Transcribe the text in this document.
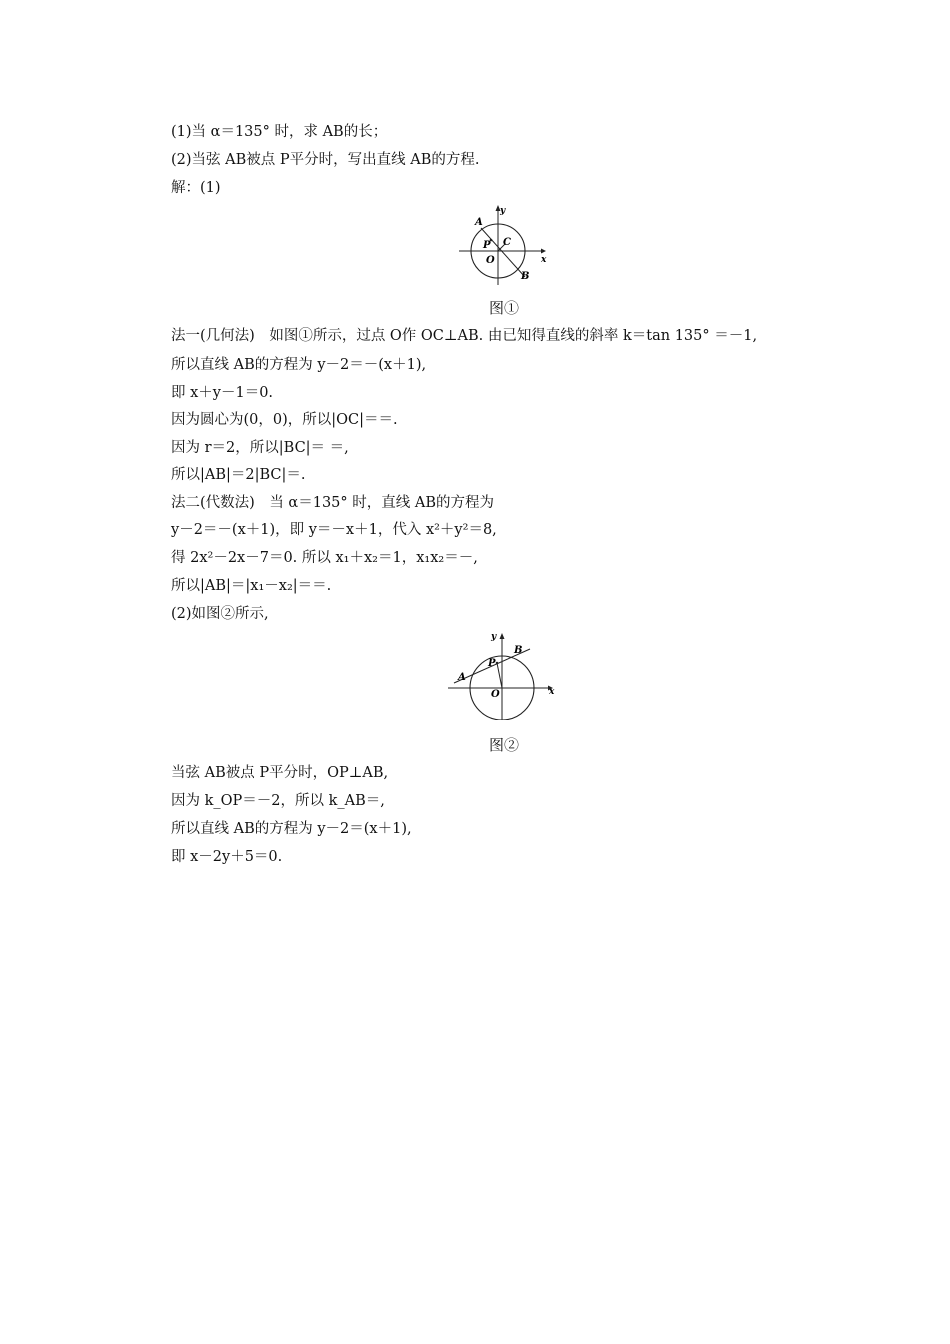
(1)当 α＝135° 时，求 AB的长；
(2)当弦 AB被点 P平分时，写出直线 AB的方程.
解：(1)
y
x
A
P C
O
B
图①
法一(几何法)　如图①所示，过点 O作 OC⊥AB. 由已知得直线的斜率 k＝tan 135° ＝－1,
所以直线 AB的方程为 y－2＝－(x＋1),
即 x＋y－1＝0.
因为圆心为(0，0)，所以|OC|＝＝.
因为 r＝2，所以|BC|＝ ＝,
所以|AB|＝2|BC|＝.
法二(代数法)　当 α＝135° 时，直线 AB的方程为
y－2＝－(x＋1)，即 y＝－x＋1，代入 x²＋y²＝8,
得 2x²－2x－7＝0. 所以 x₁＋x₂＝1，x₁x₂＝－,
所以|AB|＝|x₁－x₂|＝＝.
(2)如图②所示,
y
x
A
P
B
O
图②
当弦 AB被点 P平分时，OP⊥AB,
因为 k_OP＝－2，所以 k_AB＝,
所以直线 AB的方程为 y－2＝(x＋1),
即 x－2y＋5＝0.
